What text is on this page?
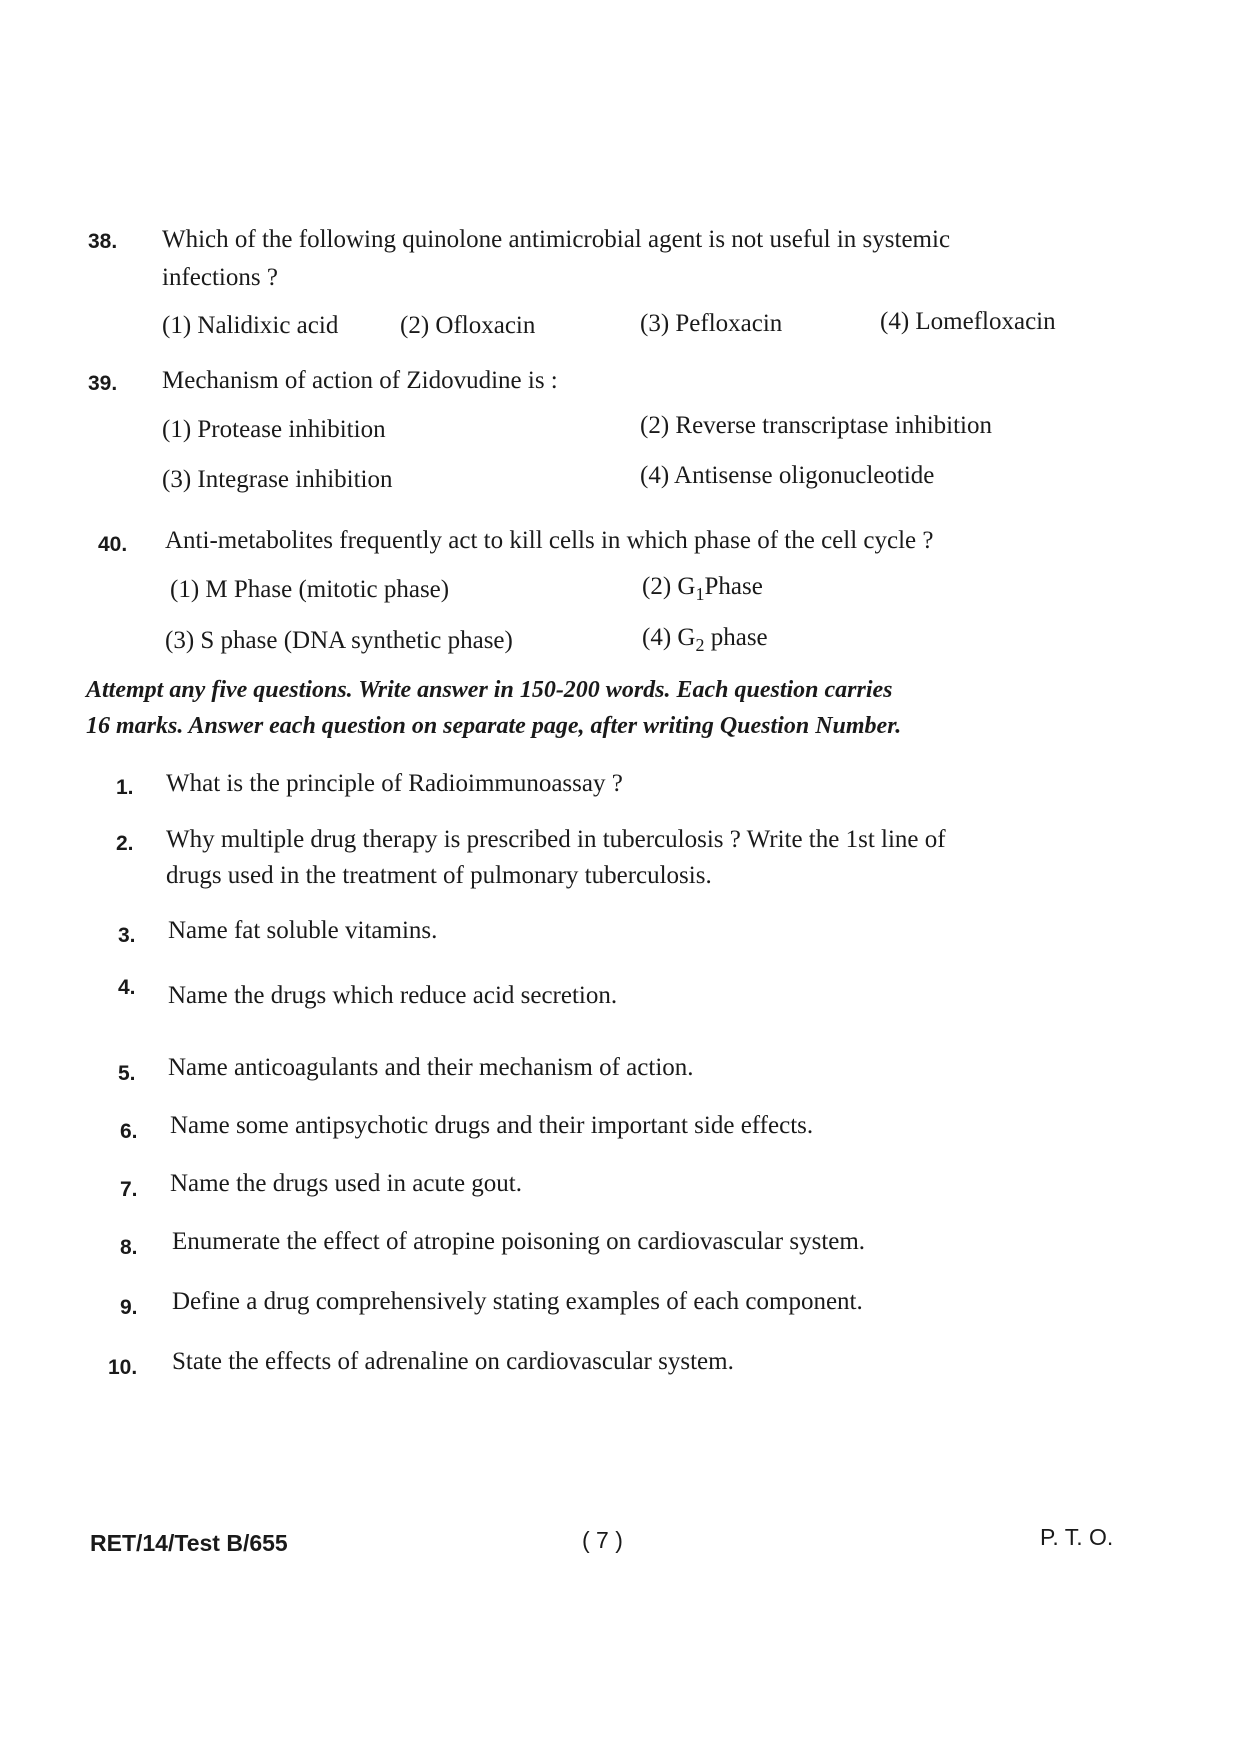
38. Which of the following quinolone antimicrobial agent is not useful in systemic
infections ?
(1) Nalidixic acid (2) Ofloxacin	(3) Pefloxacin	(4) Lomefloxacin
39. Mechanism of action of Zidovudine is :
(1) Protease inhibition	(2) Reverse transcriptase inhibition
(3) Integrase inhibition	(4) Antisense oligonucleotide
40. Anti-metabolites frequently act to kill cells in which phase of the cell cycle ?
(1) M Phase (mitotic phase)	(2) $G_1Phase$
(3) S phase (DNA synthetic phase)	(4) $G_2$ phase
Attempt any five questions. Write answer in 150-200 words. Each question carries
16 marks. Answer each question on separate page, after writing Question Number.
1. What is the principle of Radioimmunoassay ?
2. Why multiple drug therapy is prescribed in tuberculosis ? Write the 1st line of
drugs used in the treatment of pulmonary tuberculosis.
3. Name fat soluble vitamins.
4. Name the drugs which reduce acid secretion.
5. Name anticoagulants and their mechanism of action.
6. Name some antipsychotic drugs and their important side effects.
7. Name the drugs used in acute gout.
8. Enumerate the effect of atropine poisoning on cardiovascular system.
9. Define a drug comprehensively stating examples of each component.
10. State the effects of adrenaline on cardiovascular system.
RET/14/Test B/655	( 7 )	P. T. O.
